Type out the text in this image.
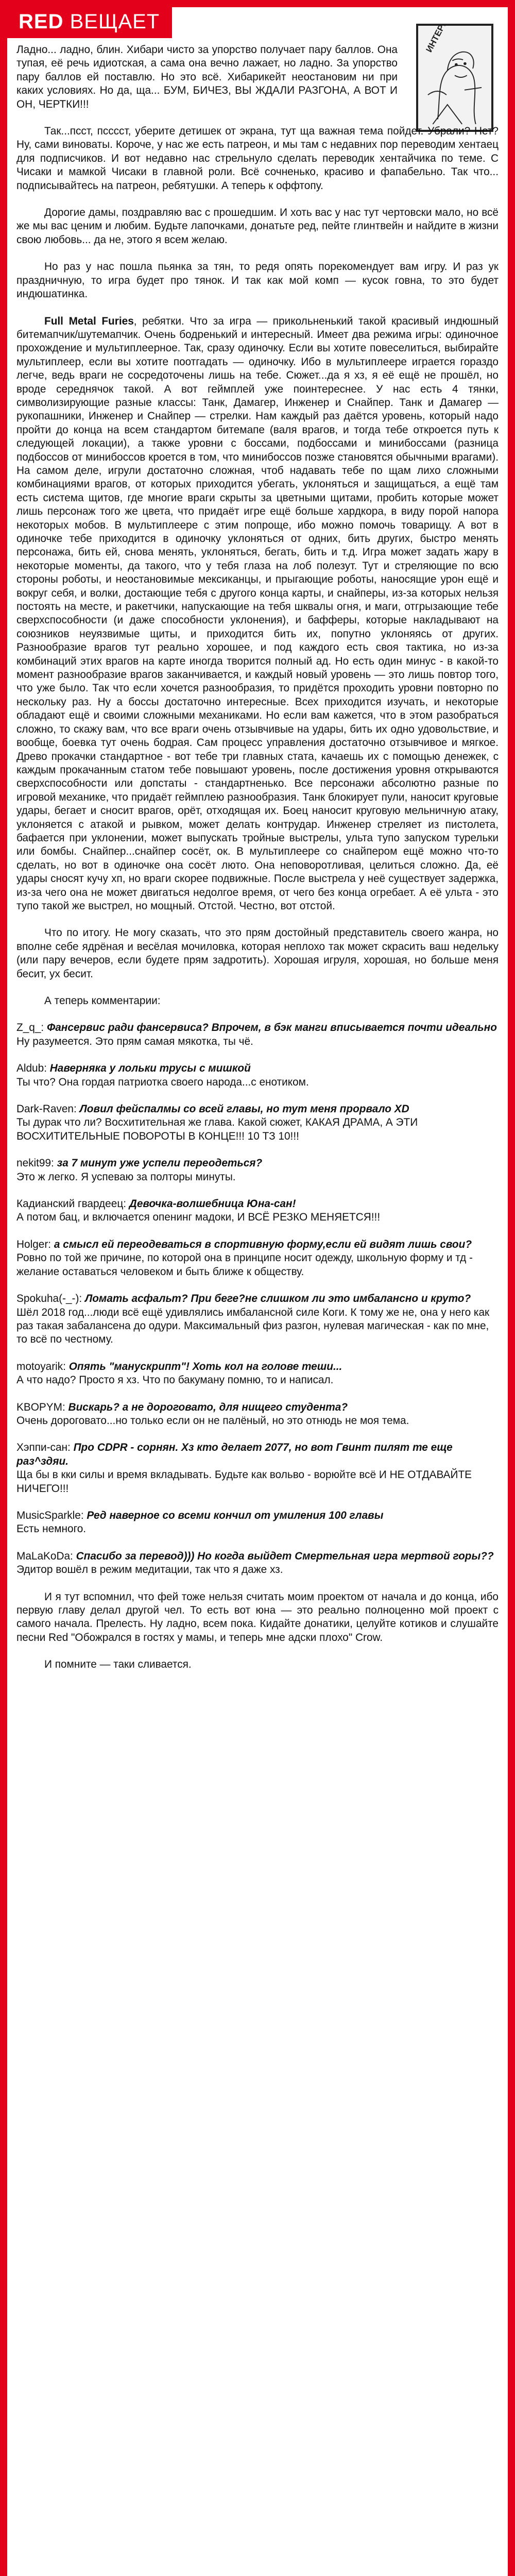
RED ВЕЩАЕТ

Ладно... ладно, блин. Хибари чисто за упорство получает пару баллов. Она тупая, её речь идиотская, а сама она вечно лажает, но ладно. За упорство пару баллов ей поставлю. Но это всё. Хибарикейт неостановим ни при каких условиях. Но да, ща... БУМ, БИЧЕЗ, ВЫ ЖДАЛИ РАЗГОНА, А ВОТ И ОН, ЧЕРТКИ!!!

Так...псст, псссст, уберите детишек от экрана, тут ща важная тема пойдет. Убрали? Нет? Ну, сами виноваты. Короче, у нас же есть патреон, и мы там с недавних пор переводим хентаец для подписчиков. И вот недавно нас стрельнуло сделать переводик хентайчика по теме. С Чисаки и мамкой Чисаки в главной роли. Всё сочненько, красиво и фапабельно. Так что... подписывайтесь на патреон, ребятушки. А теперь к оффтопу.

Дорогие дамы, поздравляю вас с прошедшим. И хоть вас у нас тут чертовски мало, но всё же мы вас ценим и любим. Будьте лапочками, донатьте ред, пейте глинтвейн и найдите в жизни свою любовь... да не, этого я всем желаю.

Но раз у нас пошла пьянка за тян, то редя опять порекомендует вам игру. И раз ук праздничную, то игра будет про тянок. И так как мой комп — кусок говна, то это будет индюшатинка.

Full Metal Furies, ребятки. Что за игра — прикольненький такой красивый индюшный битемапчик/шутемапчик. Очень бодренький и интересный. Имеет два режима игры: одиночное прохождение и мультиплеерное. Так, сразу одиночку. Если вы хотите повеселиться, выбирайте мультиплеер, если вы хотите поотгадать — одиночку. Ибо в мультиплеере играется гораздо легче, ведь враги не сосредоточены лишь на тебе. Сюжет...да я хз, я её ещё не прошёл, но вроде середнячок такой. А вот геймплей уже поинтереснее. У нас есть 4 тянки, символизирующие разные классы: Танк, Дамагер, Инженер и Снайпер. Танк и Дамагер — рукопашники, Инженер и Снайпер — стрелки. Нам каждый раз даётся уровень, который надо пройти до конца на всем стандартом битемапе (валя врагов, и тогда тебе откроется путь к следующей локации), а также уровни с боссами, подбоссами и минибоссами (разница подбоссов от минибоссов кроется в том, что минибоссов позже становятся обычными врагами). На самом деле, игрули достаточно сложная, чтоб надавать тебе по щам лихо сложными комбинациями врагов, от которых приходится убегать, уклоняться и защищаться, а ещё там есть система щитов, где многие враги скрыты за цветными щитами, пробить которые может лишь персонаж того же цвета, что придаёт игре ещё больше хардкора, в виду порой напора некоторых мобов. В мультиплеере с этим попроще, ибо можно помочь товарищу. А вот в одиночке тебе приходится в одиночку уклоняться от одних, бить других, быстро менять персонажа, бить ей, снова менять, уклоняться, бегать, бить и т.д. Игра может задать жару в некоторые моменты, да такого, что у тебя глаза на лоб полезут. Тут и стреляющие по всю стороны роботы, и неостановимые мексиканцы, и прыгающие роботы, наносящие урон ещё и вокруг себя, и волки, достающие тебя с другого конца карты, и снайперы, из-за которых нельзя постоять на месте, и ракетчики, напускающие на тебя шквалы огня, и маги, отгрызающие тебе сверхспособности (и даже способности уклонения), и бафферы, которые накладывают на союзников неуязвимые щиты, и приходится бить их, попутно уклоняясь от других. Разнообразие врагов тут реально хорошее, и под каждого есть своя тактика, но из-за комбинаций этих врагов на карте иногда творится полный ад. Но есть один минус - в какой-то момент разнообразие врагов заканчивается, и каждый новый уровень — это лишь повтор того, что уже было. Так что если хочется разнообразия, то придётся проходить уровни повторно по нескольку раз. Ну а боссы достаточно интересные. Всех приходится изучать, и некоторые обладают ещё и своими сложными механиками. Но если вам кажется, что в этом разобраться сложно, то скажу вам, что все враги очень отзывчивые на удары, бить их одно удовольствие, и вообще, боевка тут очень бодрая. Сам процесс управления достаточно отзывчивое и мягкое. Древо прокачки стандартное - вот тебе три главных стата, качаешь их с помощью денежек, с каждым прокачанным статом тебе повышают уровень, после достижения уровня открываются сверхспособности или допстаты - стандартненько. Все персонажи абсолютно разные по игровой механике, что придаёт геймплею разнообразия. Танк блокирует пули, наносит круговые удары, бегает и сносит врагов, орёт, отходящая их. Боец наносит круговую мельничную атаку, уклоняется с атакой и рывком, может делать контрудар. Инженер стреляет из пистолета, бафается при уклонении, может выпускать тройные выстрелы, ульта тупо запуском турельки или бомбы. Снайпер...снайпер сосёт, ок. В мультиплеере со снайпером ещё можно что-то сделать, но вот в одиночке она сосёт люто. Она неповоротливая, целиться сложно. Да, её удары сносят кучу хп, но враги скорее подвижные. После выстрела у неё существует задержка, из-за чего она не может двигаться недолгое время, от чего без конца огребает. А её ульта - это тупо такой же выстрел, но мощный. Отстой. Честно, вот отстой.

Что по итогу. Не могу сказать, что это прям достойный представитель своего жанра, но вполне себе ядрёная и весёлая мочиловка, которая неплохо так может скрасить ваш недельку (или пару вечеров, если будете прям задротить). Хорошая игруля, хорошая, но больше меня бесит, ух бесит.

А теперь комментарии:

Z_q_: Фансервис ради фансервиса? Впрочем, в бэк манги вписывается почти идеально
Ну разумеется. Это прям самая мякотка, ты чё.
Aldub: Наверняка у лольки трусы с мишкой
Ты что? Она гордая патриотка своего народа...с енотиком.
Dark-Raven: Ловил фейспалмы со всей главы, но тут меня прорвало XD
Ты дурак что ли? Восхитительная же глава. Какой сюжет, КАКАЯ ДРАМА, А ЭТИ ВОСХИТИТЕЛЬНЫЕ ПОВОРОТЫ В КОНЦЕ!!! 10 ТЗ 10!!!
nekit99: за 7 минут уже успели переодеться?
Это ж легко. Я успеваю за полторы минуты.
Кадианский гвардеец: Девочка-волшебница Юна-сан!
А потом бац, и включается опенинг мадоки, И ВСЁ РЕЗКО МЕНЯЕТСЯ!!!
Holger: а смысл ей переодеваться в спортивную форму,если ей видят лишь свои?
Ровно по той же причине, по которой она в принципе носит одежду, школьную форму и тд - желание оставаться человеком и быть ближе к обществу.
Spokuha(-_-): Ломать асфальт? При беге?не слишком ли это имбалансно и круто?
Шёл 2018 год...люди всё ещё удивлялись имбалансной силе Коги. К тому же не, она у него как раз такая забалансена до одури. Максимальный физ разгон, нулевая магическая - как по мне, то всё по честному.
motoyarik: Опять "манускрипт"! Хоть кол на голове теши...
А что надо? Просто я хз. Что по бакуману помню, то и написал.
KBOPYM: Вискарь? а не дороговато, для нищего студента?
Очень дороговато...но только если он не палёный, но это отнюдь не моя тема.
Хэппи-сан: Про CDPR - сорнян. Хз кто делает 2077, но вот Гвинт пилят те еще раз^здяи.
Ща бы в кки силы и время вкладывать. Будьте как вольво - ворюйте всё И НЕ ОТДАВАЙТЕ НИЧЕГО!!!
MusicSparkle: Ред наверное со всеми кончил от умиления 100 главы
Есть немного.
MaLaKoDa: Спасибо за перевод))) Но когда выйдет Смертельная игра мертвой горы??
Эдитор вошёл в режим медитации, так что я даже хз.

И я тут вспомнил, что фей тоже нельзя считать моим проектом от начала и до конца, ибо первую главу делал другой чел. То есть вот юна — это реально полноценно мой проект с самого начала. Прелесть. Ну ладно, всем пока. Кидайте донатики, целуйте котиков и слушайте песни Red "Обожрался в гостях у мамы, и теперь мне адски плохо" Crow.

И помните — таки сливается.
